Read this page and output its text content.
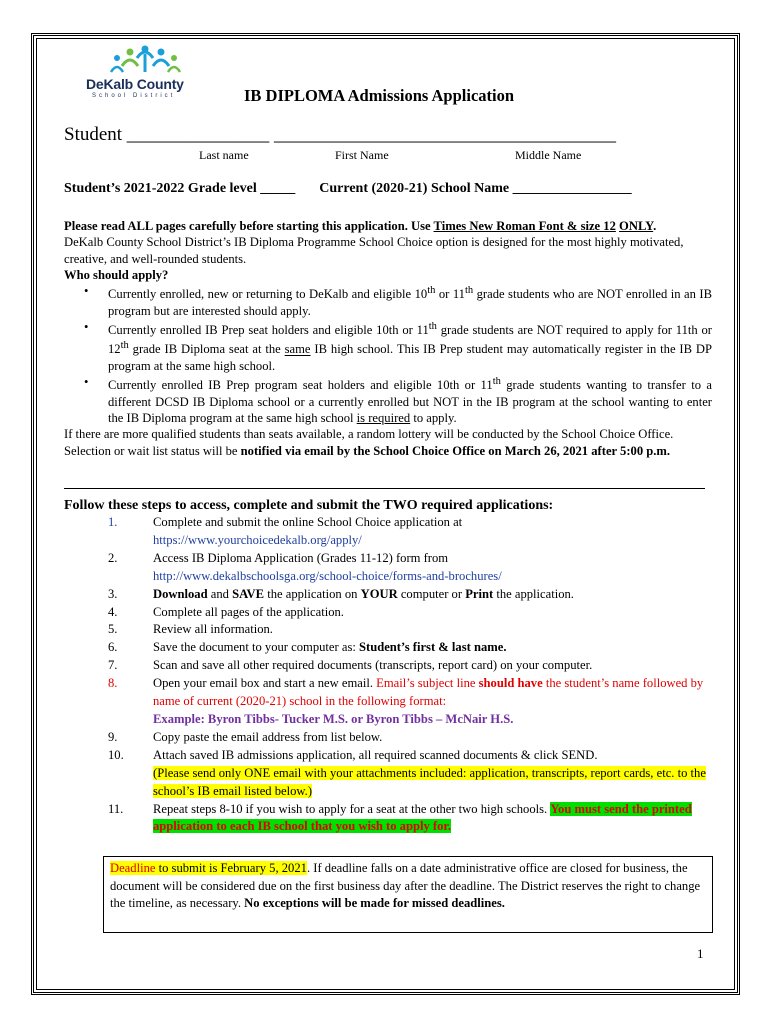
DeKalb County
School District	IB DIPLOMA Admissions Application
Student _______________ ____________________________________
Last name	First Name	Middle Name
Student’s 2021-2022 Grade level _____ Current (2020-21) School Name _________________

Please read ALL pages carefully before starting this application. Use Times New Roman Font & size 12 ONLY.

DeKalb County School District’s IB Diploma Programme School Choice option is designed for the most highly motivated, creative, and well-rounded students.

Who should apply?

• Currently enrolled, new or returning to DeKalb and eligible 10th or 11th grade students who are NOT enrolled in an IB program but are interested should apply.
• Currently enrolled IB Prep seat holders and eligible 10th or 11th grade students are NOT required to apply for 11th or 12th grade IB Diploma seat at the same IB high school. This IB Prep student may automatically register in the IB DP program at the same high school.
• Currently enrolled IB Prep program seat holders and eligible 10th or 11th grade students wanting to transfer to a different DCSD IB Diploma school or a currently enrolled but NOT in the IB program at the school wanting to enter the IB Diploma program at the same high school is required to apply.

If there are more qualified students than seats available, a random lottery will be conducted by the School Choice Office. Selection or wait list status will be notified via email by the School Choice Office on March 26, 2021 after 5:00 p.m.

Follow these steps to access, complete and submit the TWO required applications:
1.	Complete and submit the online School Choice application at
https://www.yourchoicedekalb.org/apply/
2.	Access IB Diploma Application (Grades 11-12) form from
http://www.dekalbschoolsga.org/school-choice/forms-and-brochures/
3.	Download and SAVE the application on YOUR computer or Print the application.
4.	Complete all pages of the application.
5.	Review all information.
6.	Save the document to your computer as: Student’s first & last name.
7.	Scan and save all other required documents (transcripts, report card) on your computer.
8.	Open your email box and start a new email. Email’s subject line should have the student’s name followed by name of current (2020-21) school in the following format:
Example: Byron Tibbs- Tucker M.S. or Byron Tibbs – McNair H.S.
9.	Copy paste the email address from list below.
10. Attach saved IB admissions application, all required scanned documents & click SEND.
(Please send only ONE email with your attachments included: application, transcripts, report cards, etc. to the school’s IB email listed below.)
11. Repeat steps 8-10 if you wish to apply for a seat at the other two high schools. You must send the printed application to each IB school that you wish to apply for.
Deadline to submit is February 5, 2021. If deadline falls on a date administrative office are closed for business, the document will be considered due on the first business day after the deadline. The District reserves the right to change the timeline, as necessary. No exceptions will be made for missed deadlines.
1
